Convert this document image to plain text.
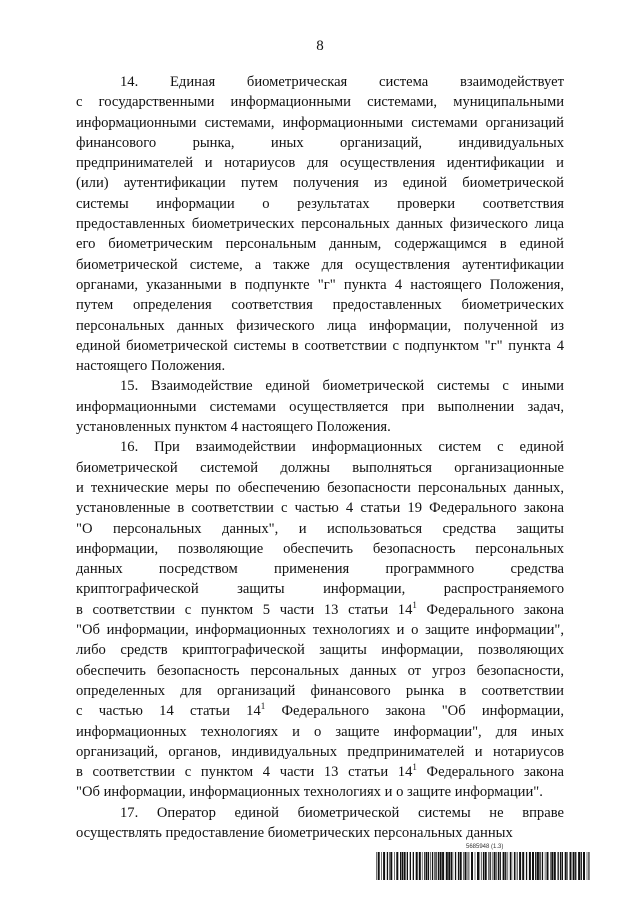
8
14. Единая биометрическая система взаимодействует
с государственными информационными системами, муниципальными
информационными системами, информационными системами организаций
финансового рынка, иных организаций, индивидуальных
предпринимателей и нотариусов для осуществления идентификации и
(или) аутентификации путем получения из единой биометрической
системы информации о результатах проверки соответствия
предоставленных биометрических персональных данных физического лица
его биометрическим персональным данным, содержащимся в единой
биометрической системе, а также для осуществления аутентификации
органами, указанными в подпункте "г" пункта 4 настоящего Положения,
путем определения соответствия предоставленных биометрических
персональных данных физического лица информации, полученной из
единой биометрической системы в соответствии с подпунктом "г" пункта 4
настоящего Положения.
15. Взаимодействие единой биометрической системы с иными
информационными системами осуществляется при выполнении задач,
установленных пунктом 4 настоящего Положения.
16. При взаимодействии информационных систем с единой
биометрической системой должны выполняться организационные
и технические меры по обеспечению безопасности персональных данных,
установленные в соответствии с частью 4 статьи 19 Федерального закона
"О персональных данных", и использоваться средства защиты
информации, позволяющие обеспечить безопасность персональных
данных посредством применения программного средства
криптографической защиты информации, распространяемого
в соответствии с пунктом 5 части 13 статьи $14^1$ Федерального закона
"Об информации, информационных технологиях и о защите информации",
либо средств криптографической защиты информации, позволяющих
обеспечить безопасность персональных данных от угроз безопасности,
определенных для организаций финансового рынка в соответствии
с частью 14 статьи $14^1$ Федерального закона "Об информации,
информационных технологиях и о защите информации", для иных
организаций, органов, индивидуальных предпринимателей и нотариусов
в соответствии с пунктом 4 части 13 статьи $14^1$ Федерального закона
"Об информации, информационных технологиях и о защите информации".
17. Оператор единой биометрической системы не вправе
осуществлять предоставление биометрических персональных данных
5685948 (1.3)
